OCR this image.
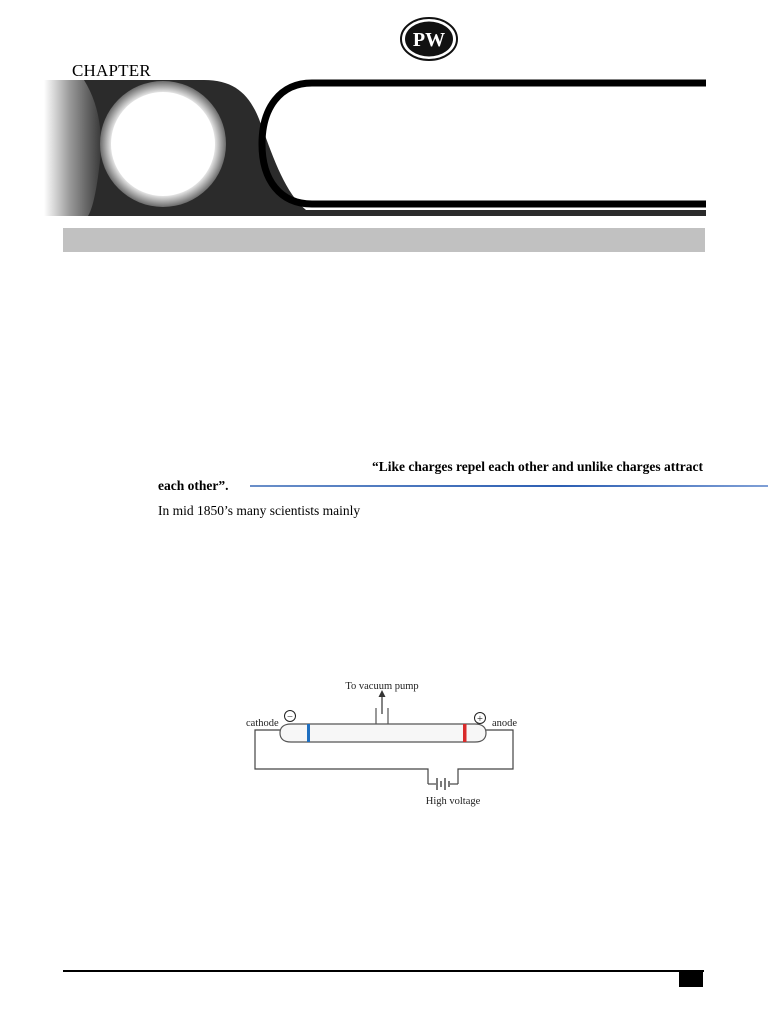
PW
CHAPTER
“Like charges repel each other and unlike charges attract
each other”.
In mid 1850’s many scientists mainly
−	+
To vacuum pump
cathode	anode
High voltage
